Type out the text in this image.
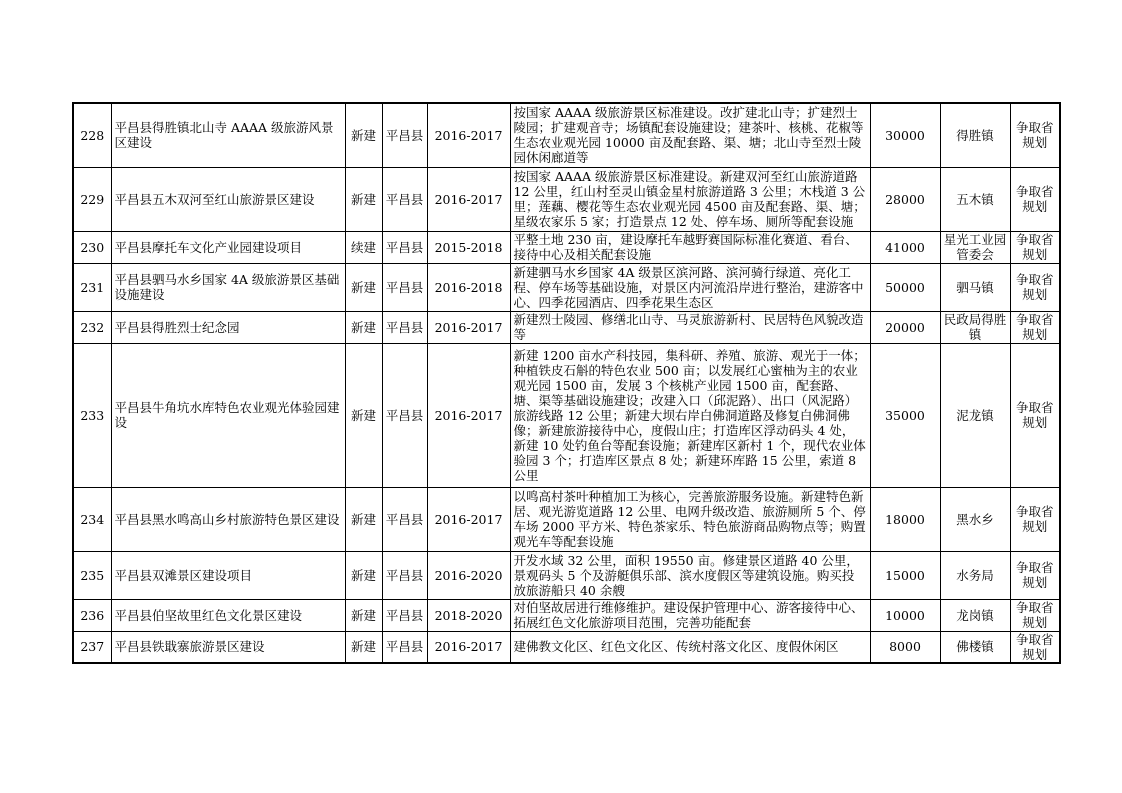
228	平昌县得胜镇北山寺 AAAA 级旅游风景区建设	新建	平昌县	2016-2017	按国家 AAAA 级旅游景区标准建设。改扩建北山寺；扩建烈士陵园；扩建观音寺；场镇配套设施建设；建茶叶、核桃、花椒等生态农业观光园 10000 亩及配套路、渠、塘；北山寺至烈士陵园休闲廊道等	30000	得胜镇	争取省规划
229	平昌县五木双河至红山旅游景区建设	新建	平昌县	2016-2017	按国家 AAAA 级旅游景区标准建设。新建双河至红山旅游道路 12 公里，红山村至灵山镇金星村旅游道路 3 公里；木栈道 3 公里；莲藕、樱花等生态农业观光园 4500 亩及配套路、渠、塘；星级农家乐 5 家；打造景点 12 处、停车场、厕所等配套设施	28000	五木镇	争取省规划
230	平昌县摩托车文化产业园建设项目	续建	平昌县	2015-2018	平整土地 230 亩，建设摩托车越野赛国际标准化赛道、看台、接待中心及相关配套设施	41000	星光工业园管委会	争取省规划
231	平昌县驷马水乡国家 4A 级旅游景区基础设施建设	新建	平昌县	2016-2018	新建驷马水乡国家 4A 级景区滨河路、滨河骑行绿道、亮化工程、停车场等基础设施，对景区内河流沿岸进行整治，建游客中心、四季花园酒店、四季花果生态区	50000	驷马镇	争取省规划
232	平昌县得胜烈士纪念园	新建	平昌县	2016-2017	新建烈士陵园、修缮北山寺、马灵旅游新村、民居特色风貌改造等	20000	民政局得胜镇	争取省规划
233	平昌县牛角坑水库特色农业观光体验园建设	新建	平昌县	2016-2017	新建 1200 亩水产科技园，集科研、养殖、旅游、观光于一体；种植铁皮石斛的特色农业 500 亩；以发展红心蜜柚为主的农业观光园 1500 亩，发展 3 个核桃产业园 1500 亩，配套路、塘、渠等基础设施建设；改建入口（邱泥路）、出口（风泥路）旅游线路 12 公里；新建大坝右岸白佛洞道路及修复白佛洞佛像；新建旅游接待中心，度假山庄；打造库区浮动码头 4 处，新建 10 处钓鱼台等配套设施；新建库区新村 1 个，现代农业体验园 3 个；打造库区景点 8 处；新建环库路 15 公里，索道 8 公里	35000	泥龙镇	争取省规划
234	平昌县黑水鸣高山乡村旅游特色景区建设	新建	平昌县	2016-2017	以鸣高村茶叶种植加工为核心，完善旅游服务设施。新建特色新居、观光游览道路 12 公里、电网升级改造、旅游厕所 5 个、停车场 2000 平方米、特色茶家乐、特色旅游商品购物点等；购置观光车等配套设施	18000	黑水乡	争取省规划
235	平昌县双滩景区建设项目	新建	平昌县	2016-2020	开发水域 32 公里，面积 19550 亩。修建景区道路 40 公里，景观码头 5 个及游艇俱乐部、滨水度假区等建筑设施。购买投放旅游船只 40 余艘	15000	水务局	争取省规划
236	平昌县伯坚故里红色文化景区建设	新建	平昌县	2018-2020	对伯坚故居进行维修维护。建设保护管理中心、游客接待中心、拓展红色文化旅游项目范围，完善功能配套	10000	龙岗镇	争取省规划
237	平昌县铁戢寨旅游景区建设	新建	平昌县	2016-2017	建佛教文化区、红色文化区、传统村落文化区、度假休闲区	8000	佛楼镇	争取省规划
